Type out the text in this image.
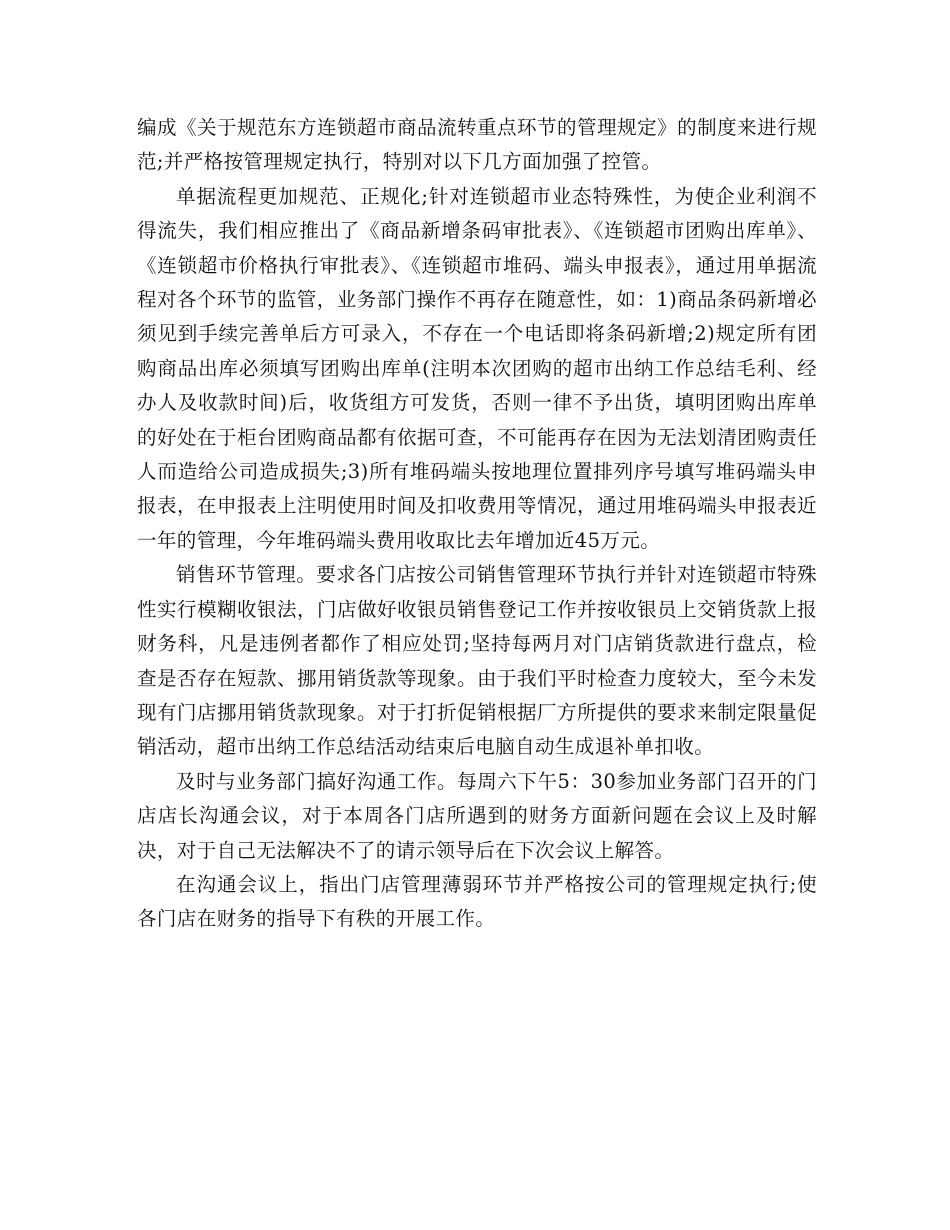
编成《关于规范东方连锁超市商品流转重点环节的管理规定》的制度来进行规范;并严格按管理规定执行，特别对以下几方面加强了控管。

单据流程更加规范、正规化;针对连锁超市业态特殊性，为使企业利润不得流失，我们相应推出了《商品新增条码审批表》、《连锁超市团购出库单》、《连锁超市价格执行审批表》、《连锁超市堆码、端头申报表》，通过用单据流程对各个环节的监管，业务部门操作不再存在随意性，如：1)商品条码新增必须见到手续完善单后方可录入，不存在一个电话即将条码新增;2)规定所有团购商品出库必须填写团购出库单(注明本次团购的超市出纳工作总结毛利、经办人及收款时间)后，收货组方可发货，否则一律不予出货，填明团购出库单的好处在于柜台团购商品都有依据可查，不可能再存在因为无法划清团购责任人而造给公司造成损失;3)所有堆码端头按地理位置排列序号填写堆码端头申报表，在申报表上注明使用时间及扣收费用等情况，通过用堆码端头申报表近一年的管理，今年堆码端头费用收取比去年增加近45万元。

销售环节管理。要求各门店按公司销售管理环节执行并针对连锁超市特殊性实行模糊收银法，门店做好收银员销售登记工作并按收银员上交销货款上报财务科，凡是违例者都作了相应处罚;坚持每两月对门店销货款进行盘点，检查是否存在短款、挪用销货款等现象。由于我们平时检查力度较大，至今未发现有门店挪用销货款现象。对于打折促销根据厂方所提供的要求来制定限量促销活动，超市出纳工作总结活动结束后电脑自动生成退补单扣收。

及时与业务部门搞好沟通工作。每周六下午5：30参加业务部门召开的门店店长沟通会议，对于本周各门店所遇到的财务方面新问题在会议上及时解决，对于自己无法解决不了的请示领导后在下次会议上解答。

在沟通会议上，指出门店管理薄弱环节并严格按公司的管理规定执行;使各门店在财务的指导下有秩的开展工作。
